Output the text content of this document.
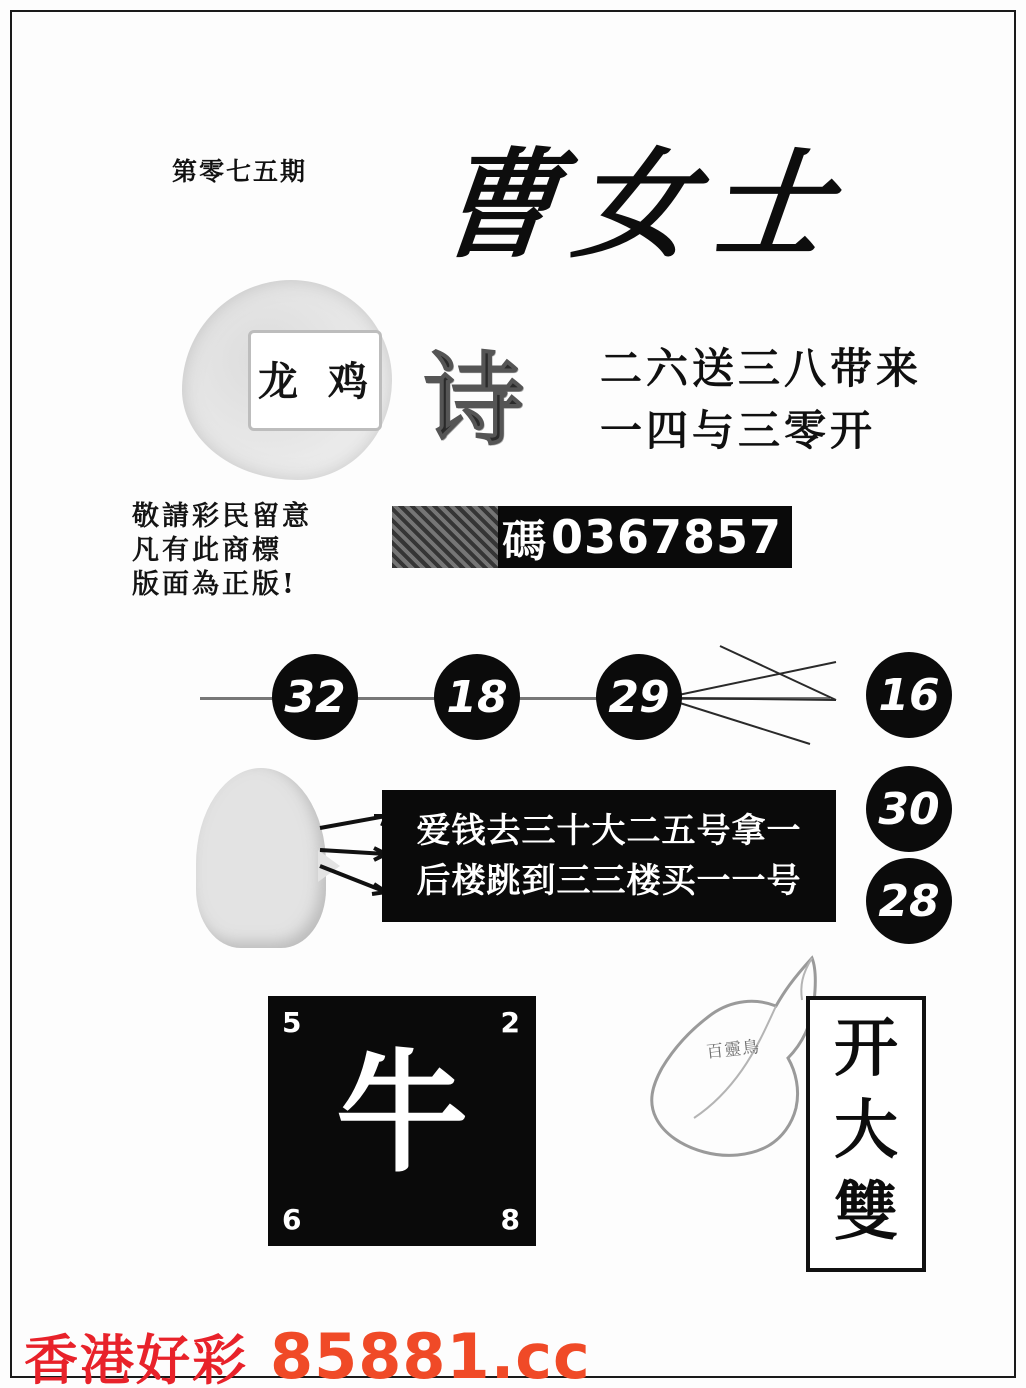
第零七五期 曹女士
龙 鸡 诗 二六送三八带来
一四与三零开
敬請彩民留意
凡有此商標
版面為正版!
碼 0367857
32 18 29	16
30
28
爱钱去三十大二五号拿一
后楼跳到三三楼买一一号
5	2
牛
6	8
百靈鳥	开
大
雙
香港好彩 85881.cc
